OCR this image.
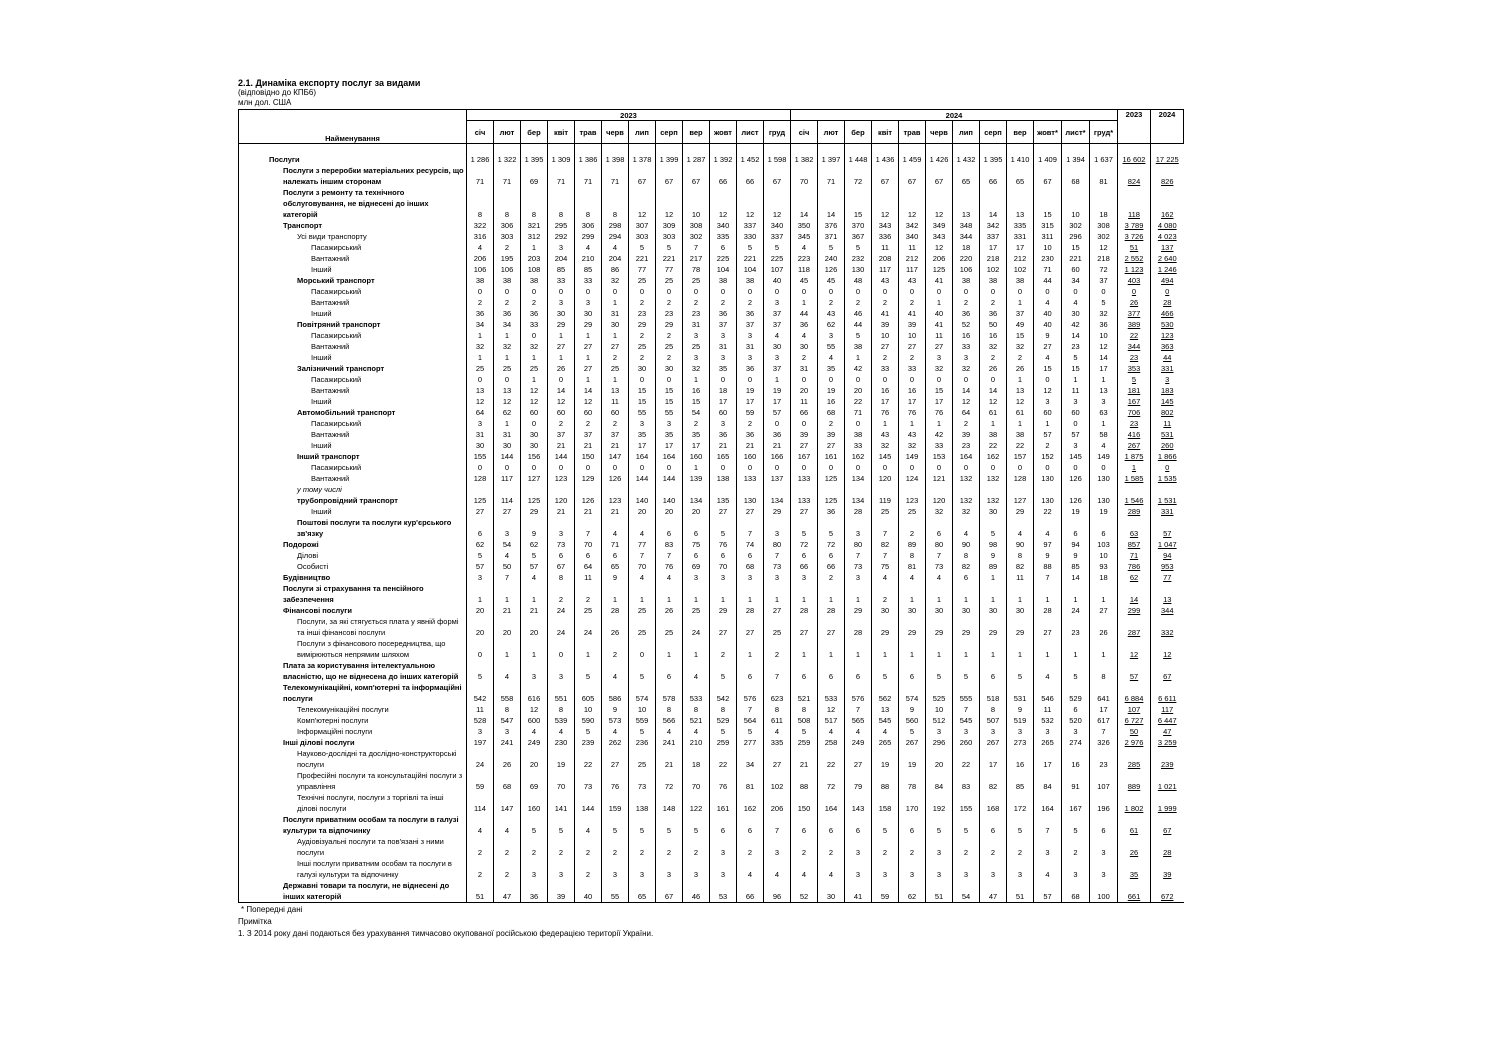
2.1. Динаміка експорту послуг за видами
(відповідно до КПБ6)
млн дол. США
Найменування	2023												2024												2023	2024
	січ	лют	бер	квіт	трав	черв	лип	серп	вер	жовт	лист	груд	січ	лют	бер	квіт	трав	черв	лип	серп	вер	жовт*	лист*	груд*		

Послуги	1 286	1 322	1 395	1 309	1 386	1 398	1 378	1 399	1 287	1 392	1 452	1 598	1 382	1 397	1 448	1 436	1 459	1 426	1 432	1 395	1 410	1 409	1 394	1 637	16 602	17 225
Послуги з переробки матеріальних ресурсів, що належать іншим сторонам	71	71	69	71	71	71	67	67	67	66	66	67	70	71	72	67	67	67	65	66	65	67	68	81	824	826
Послуги з ремонту та технічного обслуговування, не віднесені до інших категорій	8	8	8	8	8	8	12	12	10	12	12	12	14	14	15	12	12	12	13	14	13	15	10	18	118	162
Транспорт	322	306	321	295	306	298	307	309	308	340	337	340	350	376	370	343	342	349	348	342	335	315	302	308	3 789	4 080
Усі види транспорту	316	303	312	292	299	294	303	303	302	335	330	337	345	371	367	336	340	343	344	337	331	311	296	302	3 726	4 023
Пасажирський	4	2	1	3	4	4	5	5	7	6	5	5	4	5	5	11	11	12	18	17	17	10	15	12	51	137
Вантажний	206	195	203	204	210	204	221	221	217	225	221	225	223	240	232	208	212	206	220	218	212	230	221	218	2 552	2 640
Інший	106	106	108	85	85	86	77	77	78	104	104	107	118	126	130	117	117	125	106	102	102	71	60	72	1 123	1 246
Морський транспорт	38	38	38	33	33	32	25	25	25	38	38	40	45	45	48	43	43	41	38	38	38	44	34	37	403	494
Пасажирський	0	0	0	0	0	0	0	0	0	0	0	0	0	0	0	0	0	0	0	0	0	0	0	0	0	0
Вантажний	2	2	2	3	3	1	2	2	2	2	2	3	1	2	2	2	2	1	2	2	1	4	4	5	26	28
Інший	36	36	36	30	30	31	23	23	23	36	36	37	44	43	46	41	41	40	36	36	37	40	30	32	377	466
Повітряний транспорт	34	34	33	29	29	30	29	29	31	37	37	37	36	62	44	39	39	41	52	50	49	40	42	36	389	530
Пасажирський	1	1	0	1	1	1	2	2	3	3	3	4	4	3	5	10	10	11	16	16	15	9	14	10	22	123
Вантажний	32	32	32	27	27	27	25	25	25	31	31	30	30	55	38	27	27	27	33	32	32	27	23	12	344	363
Інший	1	1	1	1	1	2	2	2	3	3	3	3	2	4	1	2	2	3	3	2	2	4	5	14	23	44
Залізничний транспорт	25	25	25	26	27	25	30	30	32	35	36	37	31	35	42	33	33	32	32	26	26	15	15	17	353	331
Пасажирський	0	0	1	0	1	1	0	0	1	0	0	1	0	0	0	0	0	0	0	0	1	0	1	1	5	3
Вантажний	13	13	12	14	14	13	15	15	16	18	19	19	20	19	20	16	16	15	14	14	13	12	11	13	181	183
Інший	12	12	12	12	12	11	15	15	15	17	17	17	11	16	22	17	17	17	12	12	12	3	3	3	167	145
Автомобільний транспорт	64	62	60	60	60	60	55	55	54	60	59	57	66	68	71	76	76	76	64	61	61	60	60	63	706	802
Пасажирський	3	1	0	2	2	2	3	3	2	3	2	0	0	2	0	1	1	1	2	1	1	1	0	1	23	11
Вантажний	31	31	30	37	37	37	35	35	35	36	36	36	39	39	38	43	43	42	39	38	38	57	57	58	416	531
Інший	30	30	30	21	21	21	17	17	17	21	21	21	27	27	33	32	32	33	23	22	22	2	3	4	267	260
Інший транспорт	155	144	156	144	150	147	164	164	160	165	160	166	167	161	162	145	149	153	164	162	157	152	145	149	1 875	1 866
Пасажирський	0	0	0	0	0	0	0	0	1	0	0	0	0	0	0	0	0	0	0	0	0	0	0	0	1	0
Вантажний	128	117	127	123	129	126	144	144	139	138	133	137	133	125	134	120	124	121	132	132	128	130	126	130	1 585	1 535
у тому числі																										
трубопровідний транспорт	125	114	125	120	126	123	140	140	134	135	130	134	133	125	134	119	123	120	132	132	127	130	126	130	1 546	1 531
Інший	27	27	29	21	21	21	20	20	20	27	27	29	27	36	28	25	25	32	32	30	29	22	19	19	289	331
Поштові послуги та послуги кур'єрського зв'язку	6	3	9	3	7	4	4	6	6	5	7	3	5	5	3	7	2	6	4	5	4	4	6	6	63	57
Подорожі	62	54	62	73	70	71	77	83	75	76	74	80	72	72	80	82	89	80	90	98	90	97	94	103	857	1 047
Ділові	5	4	5	6	6	6	7	7	6	6	6	7	6	6	7	7	8	7	8	9	8	9	9	10	71	94
Особисті	57	50	57	67	64	65	70	76	69	70	68	73	66	66	73	75	81	73	82	89	82	88	85	93	786	953
Будівництво	3	7	4	8	11	9	4	4	3	3	3	3	3	2	3	4	4	4	6	1	11	7	14	18	62	77
Послуги зі страхування та пенсійного забезпечення	1	1	1	2	2	1	1	1	1	1	1	1	1	1	1	2	1	1	1	1	1	1	1	1	14	13
Фінансові послуги	20	21	21	24	25	28	25	26	25	29	28	27	28	28	29	30	30	30	30	30	30	28	24	27	299	344
Послуги, за які стягується плата у явній формі та інші фінансові послуги	20	20	20	24	24	26	25	25	24	27	27	25	27	27	28	29	29	29	29	29	29	27	23	26	287	332
Послуги з фінансового посередництва, що вимірюються непрямим шляхом	0	1	1	0	1	2	0	1	1	2	1	2	1	1	1	1	1	1	1	1	1	1	1	1	12	12
Плата за користування інтелектуальною власністю, що не віднесена до інших категорій	5	4	3	3	5	4	5	6	4	5	6	7	6	6	6	5	6	5	5	6	5	4	5	8	57	67
Телекомунікаційні, комп'ютерні та інформаційні послуги	542	558	616	551	605	586	574	578	533	542	576	623	521	533	576	562	574	525	555	518	531	546	529	641	6 884	6 611
Телекомунікаційні послуги	11	8	12	8	10	9	10	8	8	8	7	8	8	12	7	13	9	10	7	8	9	11	6	17	107	117
Комп'ютерні послуги	528	547	600	539	590	573	559	566	521	529	564	611	508	517	565	545	560	512	545	507	519	532	520	617	6 727	6 447
Інформаційні послуги	3	3	4	4	5	4	5	4	4	5	5	4	5	4	4	4	5	3	3	3	3	3	3	7	50	47
Інші ділові послуги	197	241	249	230	239	262	236	241	210	259	277	335	259	258	249	265	267	296	260	267	273	265	274	326	2 976	3 259
Науково-дослідні та дослідно-конструкторські послуги	24	26	20	19	22	27	25	21	18	22	34	27	21	22	27	19	19	20	22	17	16	17	16	23	285	239
Професійні послуги та консультаційні послуги з управління	59	68	69	70	73	76	73	72	70	76	81	102	88	72	79	88	78	84	83	82	85	84	91	107	889	1 021
Технічні послуги, послуги з торгівлі та інші ділові послуги	114	147	160	141	144	159	138	148	122	161	162	206	150	164	143	158	170	192	155	168	172	164	167	196	1 802	1 999
Послуги приватним особам та послуги в галузі культури та відпочинку	4	4	5	5	4	5	5	5	5	6	6	7	6	6	6	5	6	5	5	6	5	7	5	6	61	67
Аудіовізуальні послуги та пов'язані з ними послуги	2	2	2	2	2	2	2	2	2	3	2	3	2	2	3	2	2	3	2	2	2	3	2	3	26	28
Інші послуги приватним особам та послуги в галузі культури та відпочинку	2	2	3	3	2	3	3	3	3	3	4	4	4	4	3	3	3	3	3	3	3	4	3	3	35	39
Державні товари та послуги, не віднесені до інших категорій	51	47	36	39	40	55	65	67	46	53	66	96	52	30	41	59	62	51	54	47	51	57	68	100	661	672
* Попередні дані
Примітка
1. З 2014 року дані подаються без урахування тимчасово окупованої російською федерацією території України.
